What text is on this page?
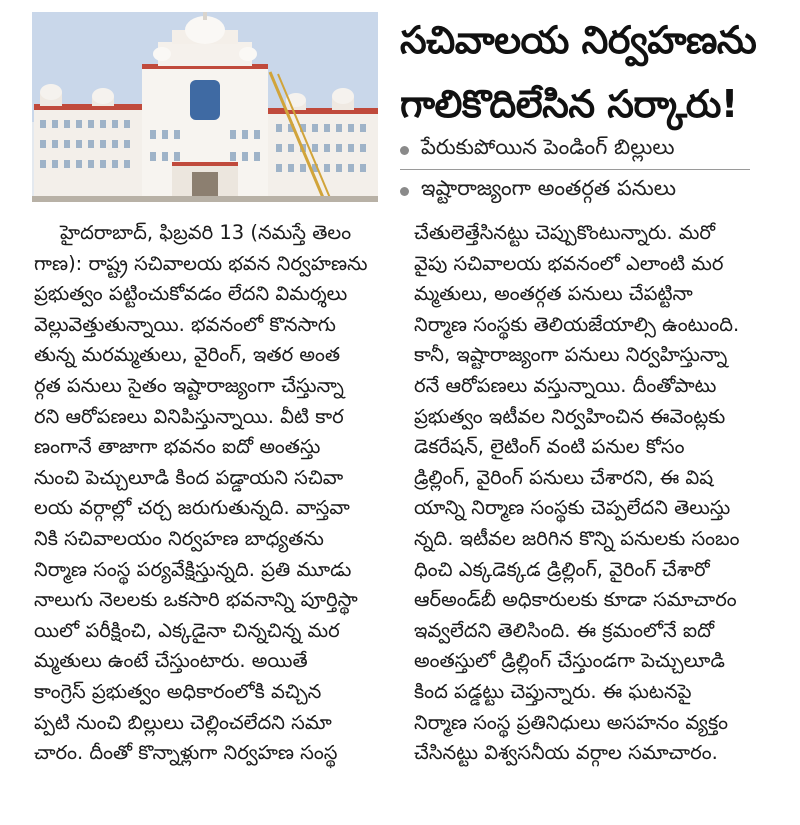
సచివాలయ నిర్వహణను
గాలికొదిలేసిన సర్కారు!
పేరుకుపోయిన పెండింగ్ బిల్లులు
ఇష్టారాజ్యంగా అంతర్గత పనులు
హైదరాబాద్, ఫిబ్రవరి 13 (నమస్తే తెలం
గాణ): రాష్ట్ర సచివాలయ భవన నిర్వహణను
ప్రభుత్వం పట్టించుకోవడం లేదని విమర్శలు
వెల్లువెత్తుతున్నాయి. భవనంలో కొనసాగు
తున్న మరమ్మతులు, వైరింగ్, ఇతర అంత
ర్గత పనులు సైతం ఇష్టారాజ్యంగా చేస్తున్నా
రని ఆరోపణలు వినిపిస్తున్నాయి. వీటి కార
ణంగానే తాజాగా భవనం ఐదో అంతస్తు
నుంచి పెచ్చులూడి కింద పడ్డాయని సచివా
లయ వర్గాల్లో చర్చ జరుగుతున్నది. వాస్తవా
నికి సచివాలయం నిర్వహణ బాధ్యతను
నిర్మాణ సంస్థ పర్యవేక్షిస్తున్నది. ప్రతి మూడు
నాలుగు నెలలకు ఒకసారి భవనాన్ని పూర్తిస్థా
యిలో పరీక్షించి, ఎక్కడైనా చిన్నచిన్న మర
మ్మతులు ఉంటే చేస్తుంటారు. అయితే
కాంగ్రెస్ ప్రభుత్వం అధికారంలోకి వచ్చిన
ప్పటి నుంచి బిల్లులు చెల్లించలేదని సమా
చారం. దీంతో కొన్నాళ్లుగా నిర్వహణ సంస్థ
చేతులెత్తేసినట్టు చెప్పుకొంటున్నారు. మరో
వైపు సచివాలయ భవనంలో ఎలాంటి మర
మ్మతులు, అంతర్గత పనులు చేపట్టినా
నిర్మాణ సంస్థకు తెలియజేయాల్సి ఉంటుంది.
కానీ, ఇష్టారాజ్యంగా పనులు నిర్వహిస్తున్నా
రనే ఆరోపణలు వస్తున్నాయి. దీంతోపాటు
ప్రభుత్వం ఇటీవల నిర్వహించిన ఈవెంట్లకు
డెకరేషన్, లైటింగ్ వంటి పనుల కోసం
డ్రిల్లింగ్, వైరింగ్ పనులు చేశారని, ఈ విష
యాన్ని నిర్మాణ సంస్థకు చెప్పలేదని తెలుస్తు
న్నది. ఇటీవల జరిగిన కొన్ని పనులకు సంబం
ధించి ఎక్కడెక్కడ డ్రిల్లింగ్, వైరింగ్ చేశారో
ఆర్అండ్‌బీ అధికారులకు కూడా సమాచారం
ఇవ్వలేదని తెలిసింది. ఈ క్రమంలోనే ఐదో
అంతస్తులో డ్రిల్లింగ్ చేస్తుండగా పెచ్చులూడి
కింద పడ్డట్టు చెప్తున్నారు. ఈ ఘటనపై
నిర్మాణ సంస్థ ప్రతినిధులు అసహనం వ్యక్తం
చేసినట్టు విశ్వసనీయ వర్గాల సమాచారం.
